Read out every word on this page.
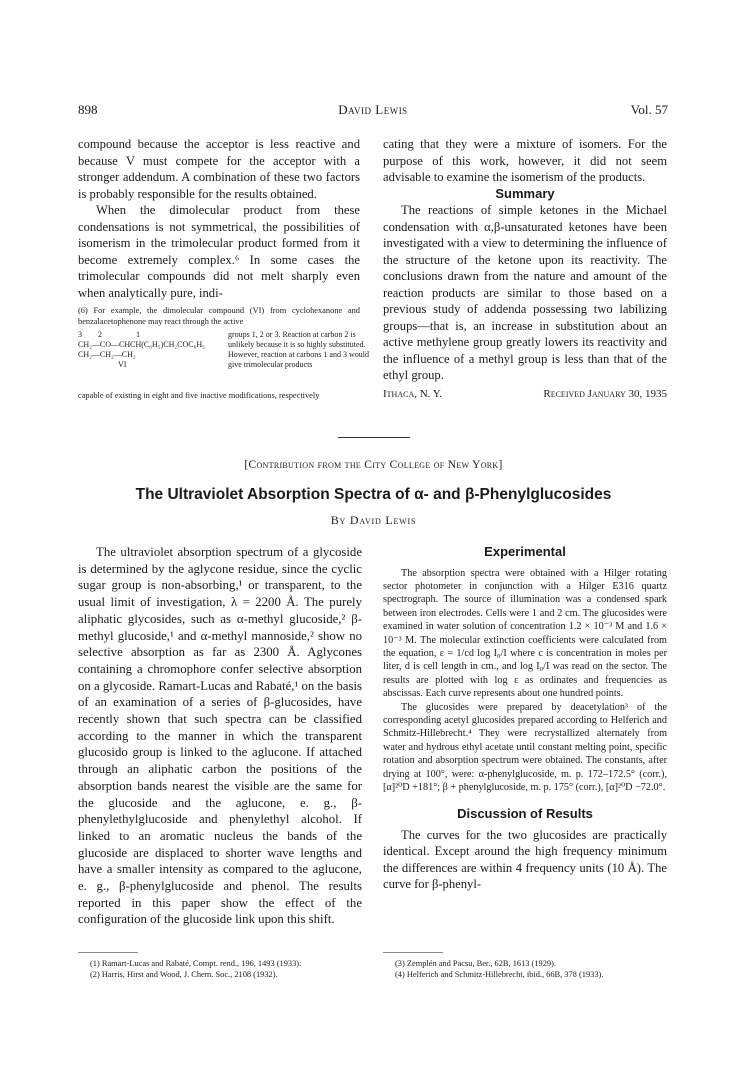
898	David Lewis	Vol. 57

compound because the acceptor is less reactive and because V must compete for the acceptor with a stronger addendum. A combination of these two factors is probably responsible for the results obtained.

When the dimolecular product from these condensations is not symmetrical, the possibilities of isomerism in the trimolecular product formed from it become extremely complex.⁶ In some cases the trimolecular compounds did not melt sharply even when analytically pure, indi-

(6) For example, the dimolecular compound (VI) from cyclohexanone and benzalacetophenone may react through the active
3        2                 1
CH₂—CO—CHCH(C₆H₅)CH₂COC₆H₅
CH₂—CH₂—CH₂
VI
groups 1, 2 or 3. Reaction at carbon 2 is unlikely because it is so highly substituted. However, reaction at carbons 1 and 3 would give trimolecular products
capable of existing in eight and five inactive modifications, respectively

cating that they were a mixture of isomers. For the purpose of this work, however, it did not seem advisable to examine the isomerism of the products.

Summary

The reactions of simple ketones in the Michael condensation with α,β-unsaturated ketones have been investigated with a view to determining the influence of the structure of the ketone upon its reactivity. The conclusions drawn from the nature and amount of the reaction products are similar to those based on a previous study of addenda possessing two labilizing groups—that is, an increase in substitution about an active methylene group greatly lowers its reactivity and the influence of a methyl group is less than that of the ethyl group.

Ithaca, N. Y.	Received January 30, 1935
[Contribution from the City College of New York]
The Ultraviolet Absorption Spectra of α- and β-Phenylglucosides
By David Lewis

The ultraviolet absorption spectrum of a glycoside is determined by the aglycone residue, since the cyclic sugar group is non-absorbing,¹ or transparent, to the usual limit of investigation, λ = 2200 Å. The purely aliphatic glycosides, such as α-methyl glucoside,² β-methyl glucoside,¹ and α-methyl mannoside,² show no selective absorption as far as 2300 Å. Aglycones containing a chromophore confer selective absorption on a glycoside. Ramart-Lucas and Rabaté,¹ on the basis of an examination of a series of β-glucosides, have recently shown that such spectra can be classified according to the manner in which the transparent glucosido group is linked to the aglucone. If attached through an aliphatic carbon the positions of the absorption bands nearest the visible are the same for the glucoside and the aglucone, e. g., β-phenylethylglucoside and phenylethyl alcohol. If linked to an aromatic nucleus the bands of the glucoside are displaced to shorter wave lengths and have a smaller intensity as compared to the aglucone, e. g., β-phenylglucoside and phenol. The results reported in this paper show the effect of the configuration of the glucoside link upon this shift.

(1) Ramart-Lucas and Rabaté, Compt. rend., 196, 1493 (1933).
(2) Harris, Hirst and Wood, J. Chem. Soc., 2108 (1932).
Experimental

The absorption spectra were obtained with a Hilger rotating sector photometer in conjunction with a Hilger E316 quartz spectrograph. The source of illumination was a condensed spark between iron electrodes. Cells were 1 and 2 cm. The glucosides were examined in water solution of concentration 1.2 × 10⁻³ M and 1.6 × 10⁻³ M. The molecular extinction coefficients were calculated from the equation, ε = 1/cd log I₀/I where c is concentration in moles per liter, d is cell length in cm., and log I₀/I was read on the sector. The results are plotted with log ε as ordinates and frequencies as abscissas. Each curve represents about one hundred points.

The glucosides were prepared by deacetylation³ of the corresponding acetyl glucosides prepared according to Helferich and Schmitz-Hillebrecht.⁴ They were recrystallized alternately from water and hydrous ethyl acetate until constant melting point, specific rotation and absorption spectrum were obtained. The constants, after drying at 100°, were: α-phenylglucoside, m. p. 172–172.5° (corr.), [α]²⁰D +181°; β + phenylglucoside, m. p. 175° (corr.), [α]²⁰D −72.0°.

Discussion of Results

The curves for the two glucosides are practically identical. Except around the high frequency minimum the differences are within 4 frequency units (10 Å). The curve for β-phenyl-

(3) Zemplén and Pacsu, Ber., 62B, 1613 (1929).
(4) Helferich and Schmitz-Hillebrecht, ibid., 66B, 378 (1933).
